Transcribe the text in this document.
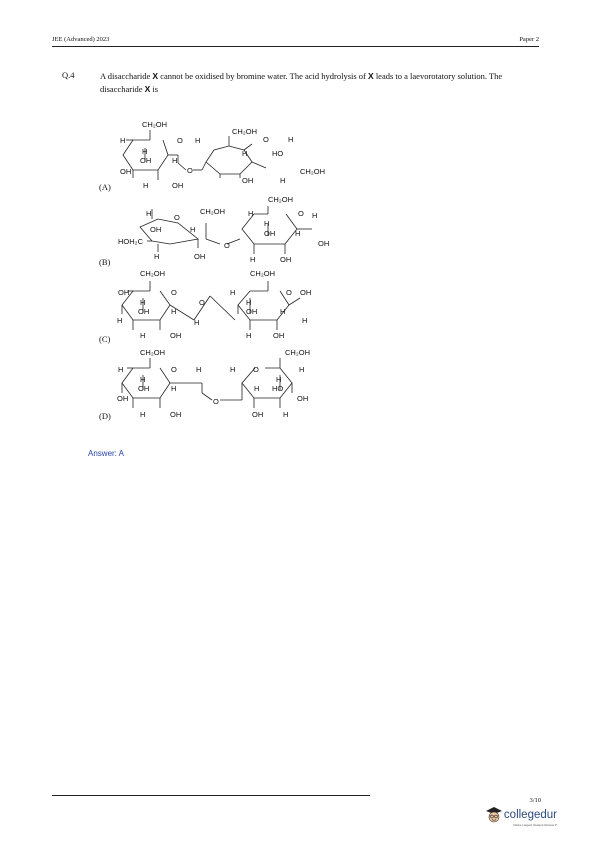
JEE (Advanced) 2023	Paper 2
Q.4	A disaccharide X cannot be oxidised by bromine water. The acid hydrolysis of X leads to a laevorotatory solution. The disaccharide X is
(A)
CH₂OH
H	O H
H
OH	H
OH
H	OH
O
CH₂OH
O	H
H	HO
CH₂OH
OH	H
(B)
CH₂OH
CH₂OH
H	O
OH	H
HOH₂C
H	OH
O
H	O H
H
OH	H
OH
H	OH
(C)
CH₂OH
OH	O
H
OH	H
H	H
H	OH
O
H
CH₂OH
O OH
H
OH	H
H
H	OH
(D)
CH₂OH
H	O	H
H
OH	H
OH
H	OH
O
H O
CH₂OH
H
H
H HO
OH
OH	H
Answer: A
3/10
collegedur
India's Largest Student Review P
